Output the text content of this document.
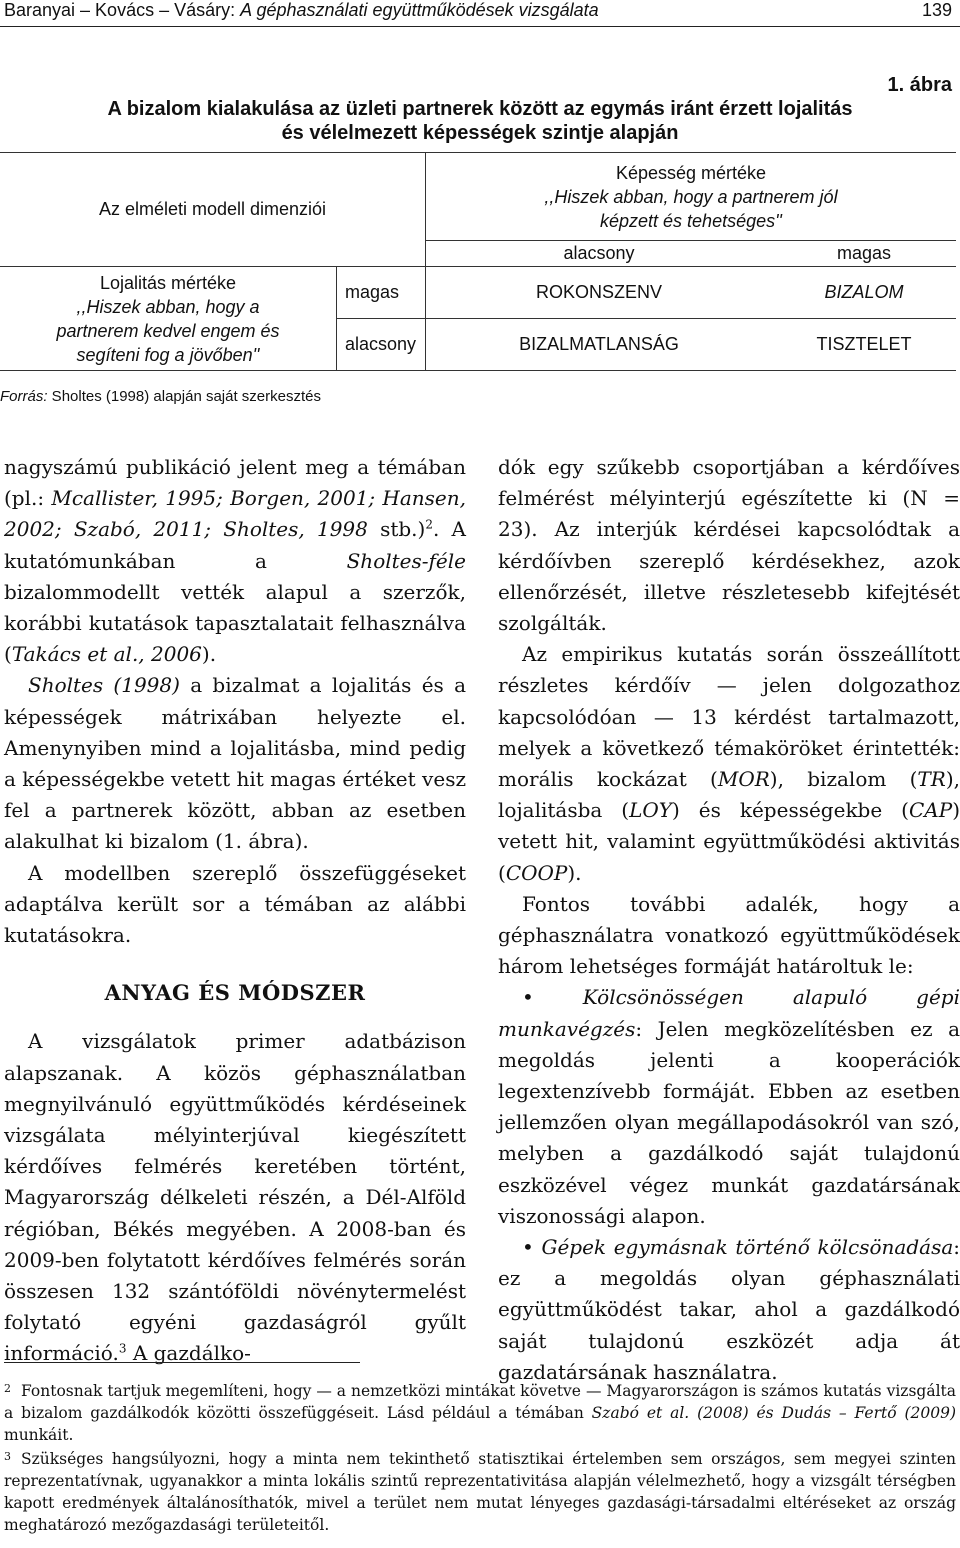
Baranyai – Kovács – Vásáry: A géphasználati együttműködések vizsgálata	139
1. ábra
A bizalom kialakulása az üzleti partnerek között az egymás iránt érzett lojalitás
és vélelmezett képességek szintje alapján
Az elméleti modell dimenziói		Képesség mértéke
,,Hiszek abban, hogy a partnerem jól képzett és tehetséges''	

		alacsony	magas

Lojalitás mértéke
,,Hiszek abban, hogy a partnerem kedvel engem és segíteni fog a jövőben''	magas	ROKONSZENV	BIZALOM
	alacsony	BIZALMATLANSÁG	TISZTELET
Forrás: Sholtes (1998) alapján saját szerkesztés

nagyszámú publikáció jelent meg a témában (pl.: Mcallister, 1995; Borgen, 2001; Hansen, 2002; Szabó, 2011; Sholtes, 1998 stb.)$^2$. A kutatómunkában a Sholtes-féle bizalommodellt vették alapul a szerzők, korábbi kutatások tapasztalatait felhasználva (Takács et al., 2006).

Sholtes (1998) a bizalmat a lojalitás és a képességek mátrixában helyezte el. Amenynyiben mind a lojalitásba, mind pedig a képességekbe vetett hit magas értéket vesz fel a partnerek között, abban az esetben alakulhat ki bizalom (1. ábra).

A modellben szereplő összefüggéseket adaptálva került sor a témában az alábbi kutatásokra.

ANYAG ÉS MÓDSZER

A vizsgálatok primer adatbázison alapszanak. A közös géphasználatban megnyilvánuló együttműködés kérdéseinek vizsgálata mélyinterjúval kiegészített kérdőíves felmérés keretében történt, Magyarország délkeleti részén, a Dél-Alföld régióban, Békés megyében. A 2008-ban és 2009-ben folytatott kérdőíves felmérés során összesen 132 szántóföldi növénytermelést folytató egyéni gazdaságról gyűlt információ.$^3$ A gazdálko-

dók egy szűkebb csoportjában a kérdőíves felmérést mélyinterjú egészítette ki (N = 23). Az interjúk kérdései kapcsolódtak a kérdőívben szereplő kérdésekhez, azok ellenőrzését, illetve részletesebb kifejtését szolgálták.

Az empirikus kutatás során összeállított részletes kérdőív — jelen dolgozathoz kapcsolódóan — 13 kérdést tartalmazott, melyek a következő témaköröket érintették: morális kockázat (MOR), bizalom (TR), lojalitásba (LOY) és képességekbe (CAP) vetett hit, valamint együttműködési aktivitás (COOP).

Fontos további adalék, hogy a géphasználatra vonatkozó együttműködések három lehetséges formáját határoltuk le:

• Kölcsönösségen alapuló gépi munkavégzés: Jelen megközelítésben ez a megoldás jelenti a kooperációk legextenzívebb formáját. Ebben az esetben jellemzően olyan megállapodásokról van szó, melyben a gazdálkodó saját tulajdonú eszközével végez munkát gazdatársának viszonossági alapon.

• Gépek egymásnak történő kölcsönadása: ez a megoldás olyan géphasználati együttműködést takar, ahol a gazdálkodó saját tulajdonú eszközét adja át gazdatársának használatra.

$^2$ Fontosnak tartjuk megemlíteni, hogy — a nemzetközi mintákat követve — Magyarországon is számos kutatás vizsgálta a bizalom gazdálkodók közötti összefüggéseit. Lásd például a témában Szabó et al. (2008) és Dudás – Fertő (2009) munkáit.

$^3$ Szükséges hangsúlyozni, hogy a minta nem tekinthető statisztikai értelemben sem országos, sem megyei szinten reprezentatívnak, ugyanakkor a minta lokális szintű reprezentativitása alapján vélelmezhető, hogy a vizsgált térségben kapott eredmények általánosíthatók, mivel a terület nem mutat lényeges gazdasági-társadalmi eltéréseket az ország meghatározó mezőgazdasági területeitől.
